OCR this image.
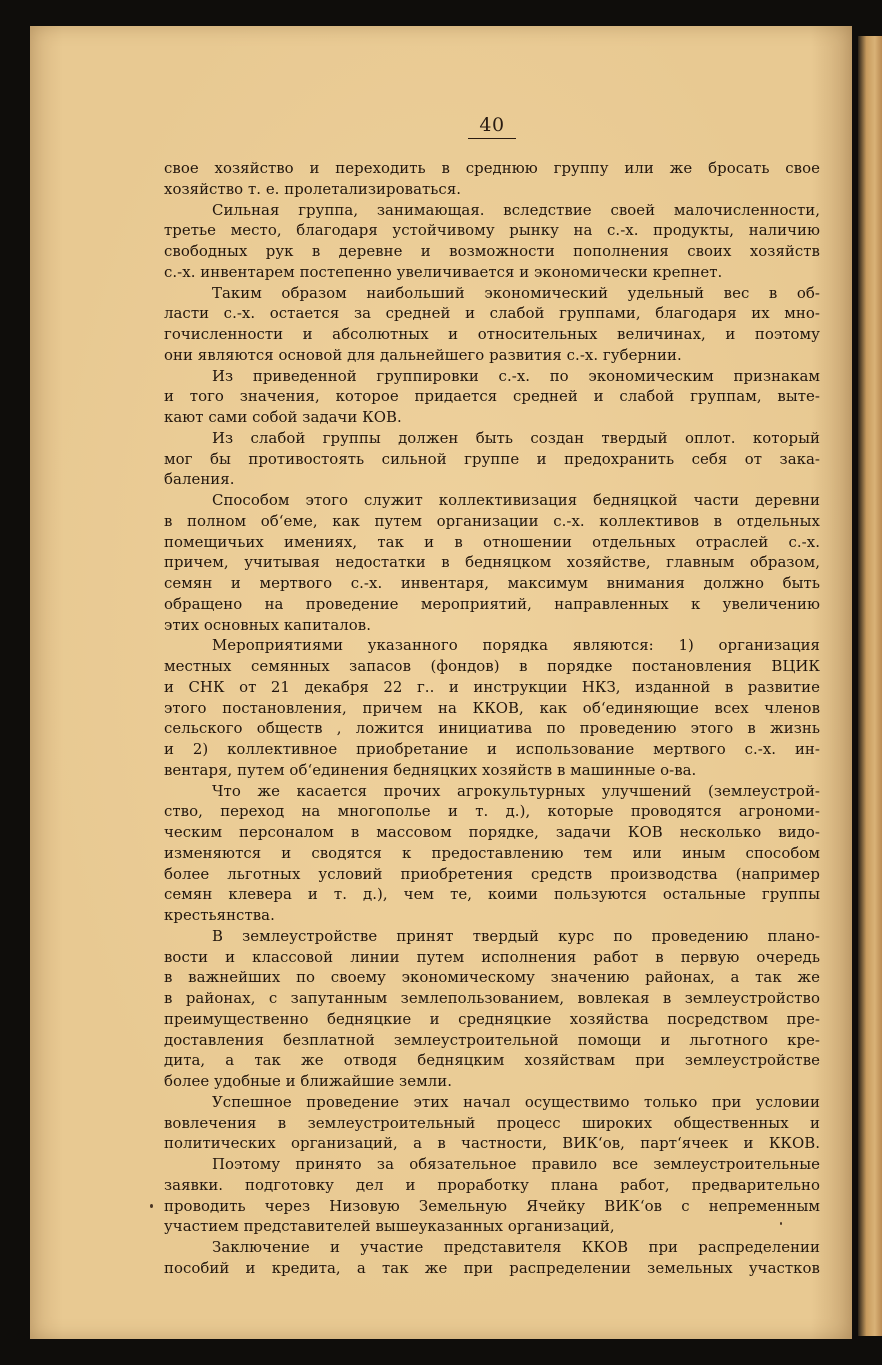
40
свое хозяйство и переходить в среднюю группу или же бросать свое
хозяйство т. е. пролетализироваться.
Сильная группа, занимающая. вследствие своей малочисленности,
третье место, благодаря устойчивому рынку на с.-х. продукты, наличию
свободных рук в деревне и возможности пополнения своих хозяйств
с.-х. инвентарем постепенно увеличивается и экономически крепнет.
Таким образом наибольший экономический удельный вес в об-
ласти с.-х. остается за средней и слабой группами, благодаря их мно-
гочисленности и абсолютных и относительных величинах, и поэтому
они являются основой для дальнейшего развития с.-х. губернии.
Из приведенной группировки с.-х. по экономическим признакам
и того значения, которое придается средней и слабой группам, выте-
кают сами собой задачи КОВ.
Из слабой группы должен быть создан твердый оплот. который
мог бы противостоять сильной группе и предохранить себя от зака-
баления.
Способом этого служит коллективизация бедняцкой части деревни
в полном об‘еме, как путем организации с.-х. коллективов в отдельных
помещичьих имениях, так и в отношении отдельных отраслей с.-х.
причем, учитывая недостатки в бедняцком хозяйстве, главным образом,
семян и мертвого с.-х. инвентаря, максимум внимания должно быть
обращено на проведение мероприятий, направленных к увеличению
этих основных капиталов.
Мероприятиями указанного порядка являются: 1) организация
местных семянных запасов (фондов) в порядке постановления ВЦИК
и СНК от 21 декабря 22 г.. и инструкции НКЗ, изданной в развитие
этого постановления, причем на ККОВ, как об‘единяющие всех членов
сельского обществ , ложится инициатива по проведению этого в жизнь
и 2) коллективное приобретание и использование мертвого с.-х. ин-
вентаря, путем об‘единения бедняцких хозяйств в машинные о-ва.
Что же касается прочих агрокультурных улучшений (землеустрой-
ство, переход на многополье и т. д.), которые проводятся агрономи-
ческим персоналом в массовом порядке, задачи КОВ несколько видо-
изменяются и сводятся к предоставлению тем или иным способом
более льготных условий приобретения средств производства (например
семян клевера и т. д.), чем те, коими пользуются остальные группы
крестьянства.
В землеустройстве принят твердый курс по проведению плано-
вости и классовой линии путем исполнения работ в первую очередь
в важнейших по своему экономическому значению районах, а так же
в районах, с запутанным землепользованием, вовлекая в землеустройство
преимущественно бедняцкие и средняцкие хозяйства посредством пре-
доставления безплатной землеустроительной помощи и льготного кре-
дита, а так же отводя бедняцким хозяйствам при землеустройстве
более удобные и ближайшие земли.
Успешное проведение этих начал осуществимо только при условии
вовлечения в землеустроительный процесс широких общественных и
политических организаций, а в частности, ВИК‘ов, парт‘ячеек и ККОВ.
Поэтому принято за обязательное правило все землеустроительные
заявки. подготовку дел и проработку плана работ, предварительно
проводить через Низовую Земельную Ячейку ВИК‘ов с непременным
участием представителей вышеуказанных организаций,
Заключение и участие представителя ККОВ при распределении
пособий и кредита, а так же при распределении земельных участков
